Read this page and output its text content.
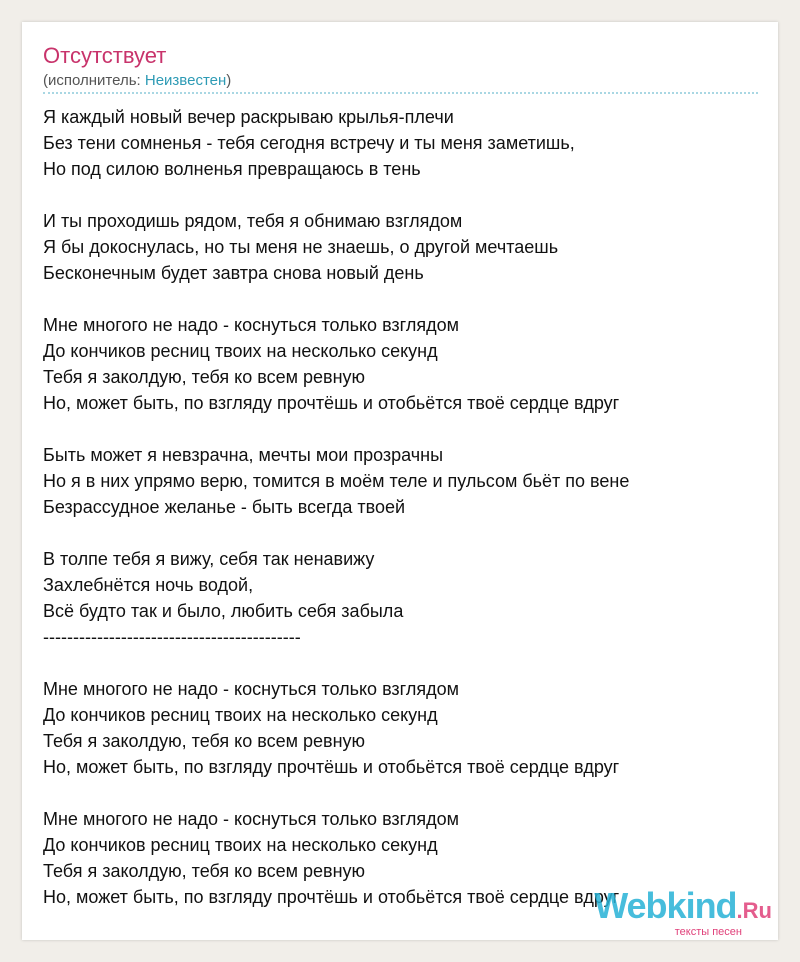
Отсутствует
(исполнитель: Неизвестен)
Я каждый новый вечер раскрываю крылья-плечи
Без тени сомненья - тебя сегодня встречу и ты меня заметишь,
Но под силою волненья превращаюсь в тень
И ты проходишь рядом, тебя я обнимаю взглядом
Я бы докоснулась, но ты меня не знаешь, о другой мечтаешь
Бесконечным будет завтра снова новый день
Мне многого не надо - коснуться только взглядом
До кончиков ресниц твоих на несколько секунд
Тебя я заколдую, тебя ко всем ревную
Но, может быть, по взгляду прочтёшь и отобьётся твоё сердце вдруг
Быть может я невзрачна, мечты мои прозрачны
Но я в них упрямо верю, томится в моём теле и пульсом бьёт по вене
Безрассудное желанье - быть всегда твоей
В толпе тебя я вижу, себя так ненавижу
Захлебнётся ночь водой,
Всё будто так и было, любить себя забыла
-------------------------------------------
Мне многого не надо - коснуться только взглядом
До кончиков ресниц твоих на несколько секунд
Тебя я заколдую, тебя ко всем ревную
Но, может быть, по взгляду прочтёшь и отобьётся твоё сердце вдруг
Мне многого не надо - коснуться только взглядом
До кончиков ресниц твоих на несколько секунд
Тебя я заколдую, тебя ко всем ревную
Но, может быть, по взгляду прочтёшь и отобьётся твоё сердце вдруг
Webkind.Ru
тексты песен
